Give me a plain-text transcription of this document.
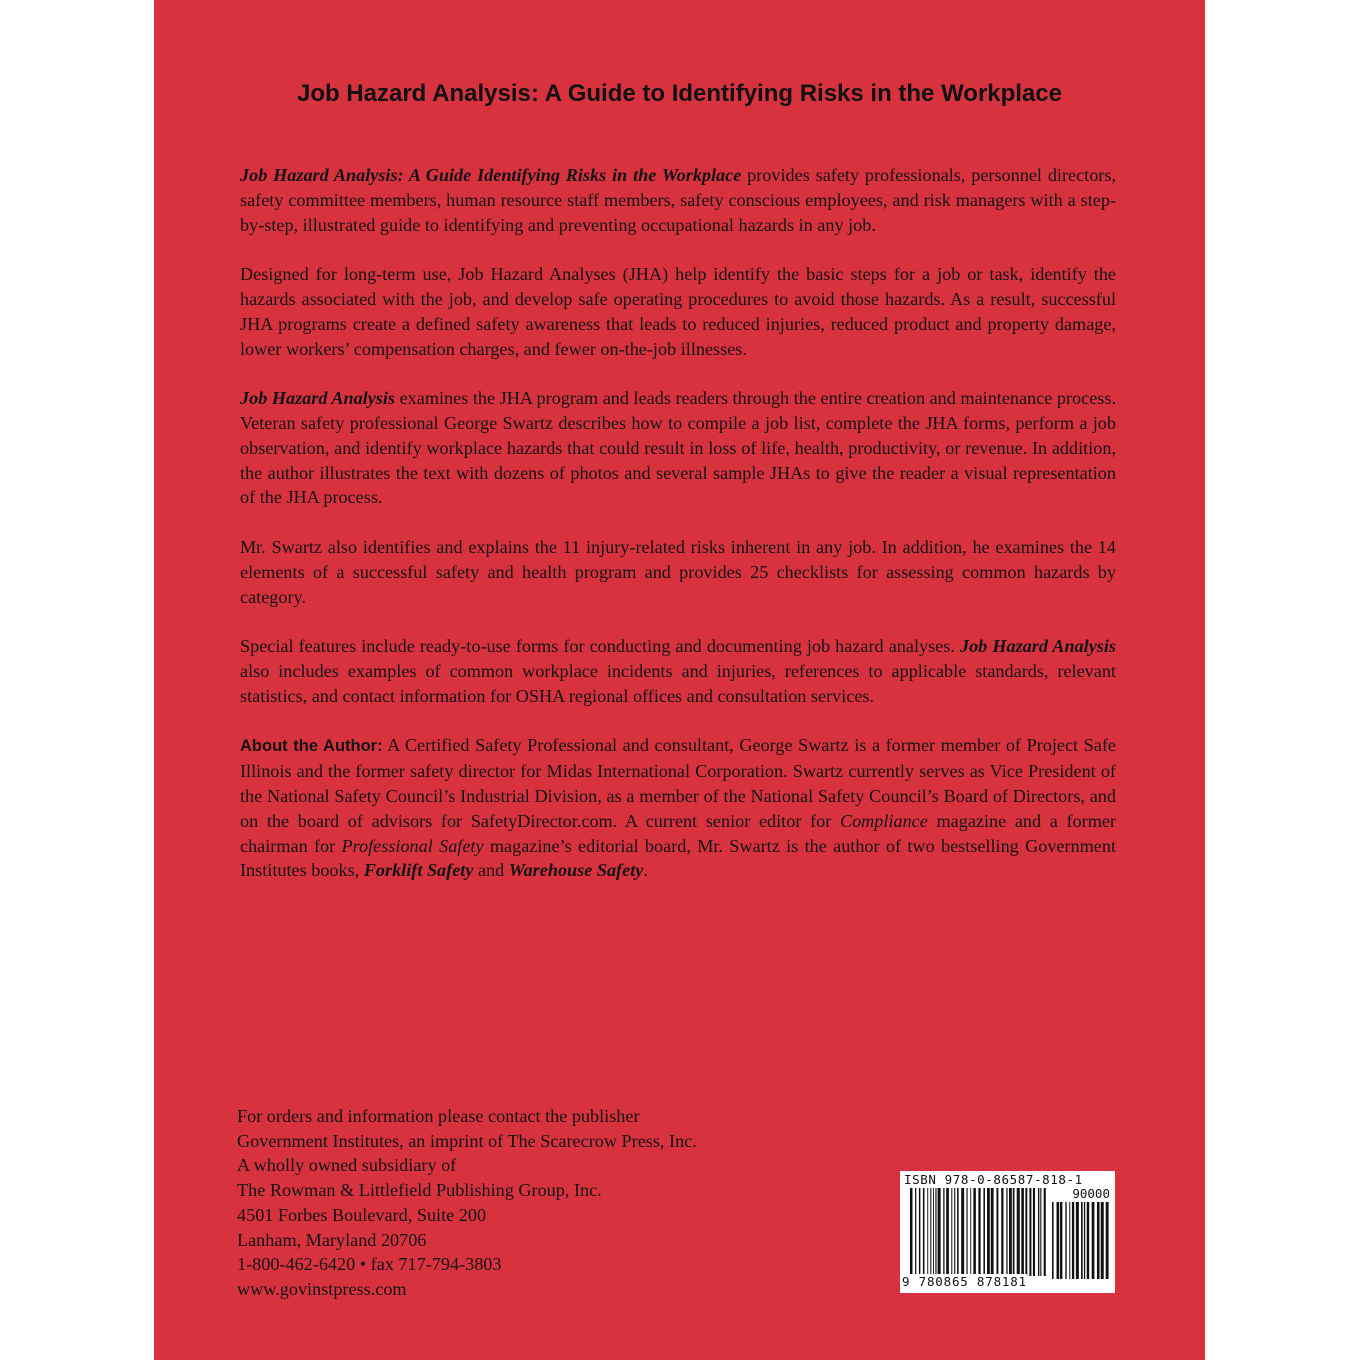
Job Hazard Analysis: A Guide to Identifying Risks in the Workplace

Job Hazard Analysis: A Guide Identifying Risks in the Workplace provides safety professionals, personnel directors, safety committee members, human resource staff members, safety conscious employees, and risk managers with a step-by-step, illustrated guide to identifying and preventing occupational hazards in any job.

Designed for long-term use, Job Hazard Analyses (JHA) help identify the basic steps for a job or task, identify the hazards associated with the job, and develop safe operating procedures to avoid those hazards. As a result, successful JHA programs create a defined safety awareness that leads to reduced injuries, reduced product and property damage, lower workers’ compensation charges, and fewer on-the-job illnesses.

Job Hazard Analysis examines the JHA program and leads readers through the entire creation and maintenance process. Veteran safety professional George Swartz describes how to compile a job list, complete the JHA forms, perform a job observation, and identify workplace hazards that could result in loss of life, health, productivity, or revenue. In addition, the author illustrates the text with dozens of photos and several sample JHAs to give the reader a visual representation of the JHA process.

Mr. Swartz also identifies and explains the 11 injury-related risks inherent in any job. In addition, he examines the 14 elements of a successful safety and health program and provides 25 checklists for assessing common hazards by category.

Special features include ready-to-use forms for conducting and documenting job hazard analyses. Job Hazard Analysis also includes examples of common workplace incidents and injuries, references to applicable standards, relevant statistics, and contact information for OSHA regional offices and consultation services.

About the Author: A Certified Safety Professional and consultant, George Swartz is a former member of Project Safe Illinois and the former safety director for Midas International Corporation. Swartz currently serves as Vice President of the National Safety Council’s Industrial Division, as a member of the National Safety Council’s Board of Directors, and on the board of advisors for SafetyDirector.com. A current senior editor for Compliance magazine and a former chairman for Professional Safety magazine’s editorial board, Mr. Swartz is the author of two bestselling Government Institutes books, Forklift Safety and Warehouse Safety.

For orders and information please contact the publisher
Government Institutes, an imprint of The Scarecrow Press, Inc.
A wholly owned subsidiary of
The Rowman & Littlefield Publishing Group, Inc.
4501 Forbes Boulevard, Suite 200
Lanham, Maryland 20706
1-800-462-6420 • fax 717-794-3803
www.govinstpress.com
ISBN 978-0-86587-818-1
90000
9 780865 878181
